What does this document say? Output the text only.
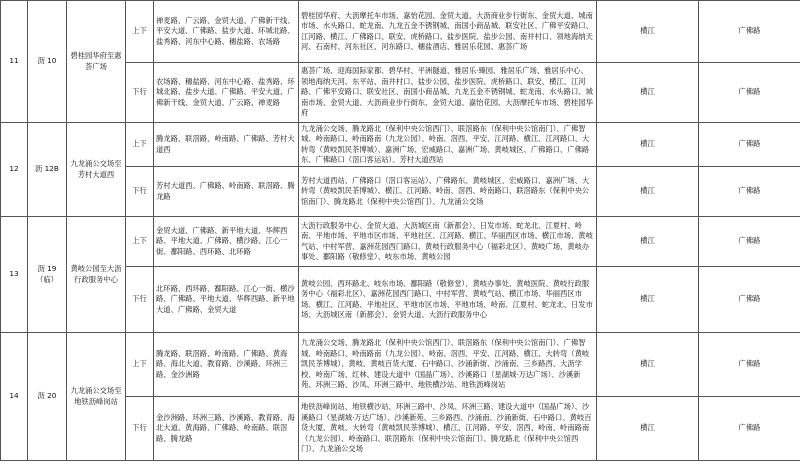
11	沥 10	碧桂园华府至惠荟广场	上下	禅麦路、广云路、金贸大道、广佛新干线、平安大道、广佛路、盐步大道、环城北路、盐秀路、河东中心路、穗盐路、农场路	碧桂园华府、大沥摩托车市场、嘉怡花园、金贸大道、大沥商业步行街东、金贸大道、城南市场、水头路口、蛇龙南、九龙五金不锈钢城、南国小商品城、联安社区、广佛平安路口、江河路、横江、广佛路口、联安、虎桥路口、盐步医院、盐步公园、南井村口、领地海纳天河、石南村、河东社区、河东路口、穗盐酒店、雅居乐花园、惠荟广场	横江	广佛路
			下行	农场路、穗盐路、河东中心路、盐秀路、环城北路、盐步大道、广佛路、平安大道、广佛新干线、金贸大道、广云路、禅麦路	惠荟广场、迎海国际家都、碧华村、平洲隧道、雅居乐·臻园、雅居乐广场、雅居乐中心、领地海纳天河、东平站、南井村口、盐步公园、盐步医院、虎桥路口、联安、横江、江河路、广佛平安路口、联安社区、南国小商品城、九龙五金不锈钢城、蛇龙南、水头路口、城南市场、金贸大道、大沥商业步行街东、金贸大道、嘉怡花园、大沥摩托车市场、碧桂园华府	横江	广佛路
12	沥 12B	九龙涌公交场至芳村大道西	上下	腾龙路、联滘路、岭南路、广佛路、芳村大道西	九龙涌公交场、腾龙路北（保利中央公馆西门）、联滘路东（保利中央公馆南门）、广佛智城、岭南路口、岭南路南（九龙公园）、岭南、滘西、平安、江河路、横江、江河路口、大转弯（黄岐凯民茶博城）、嘉洲广场、宏威路口、嘉洲广场、黄岐城区、广佛路口、广佛路东、广佛路口（滘口客运站）、芳村大道西站	横江	广佛路
			下行	芳村大道西、广佛路、岭南路、联滘路、腾龙路	芳村大道西站、广佛路口（滘口客运站）、广佛路东、黄岐城区、宏威路口、嘉洲广场、大转弯（黄岐凯民茶博城）、横江、江河路、岭南、滘西、岭南路口、联滘路东（保利中央公馆南门）、腾龙路北（保利中央公馆西门）、九龙涌公交场	横江	广佛路
13	沥 19（临）	黄岐公园至大沥行政服务中心	上下	金贸大道、广佛路、新平地大道、华辉西路、平地大道、广佛路、横沙路、江心一街、鄱阳路、西环路、北环路	大沥行政服务中心、金贸大道、大沥城区南（新都会）、日发市场、蛇龙北、江夏村、岭南、平地市场、平地市区市场、平地社区、江河路、横江、华丽西区市场、横江市场、黄岐气站、中村军营、嘉洲花园西门路口、黄岐行政服务中心（福彩北区）、黄岐广场、黄岐办事处、鄱阳路（敬修堂）、岐东市场、黄岐公园	横江	广佛路
			下行	北环路、西环路、鄱阳路、江心一街、横沙路、广佛路、平地大道、华辉西路、新平地大道、广佛路、金贸大道	黄岐公园、西环路北、岐东市场、鄱阳路（敬修堂）、黄岐办事处、黄岐医院、黄岐行政服务中心（福彩北区）、嘉洲花园西门路口、中村军营、黄岐气站、横江市场、华丽西区市场、横江、江河路、平地社区、平地市区市场、平地市场、岭南、江夏村、蛇龙北、日发市场、大沥城区南（新都会）、金贸大道、大沥行政服务中心	横江	广佛路
14	沥 20	九龙涌公交场至地铁沥峰岗站	上下	腾龙路、联滘路、岭南路、广佛路、黄海路、海北大道、教育路、沙溪路、环洲三路、金沙洲路	九龙涌公交场、腾龙路北（保利中央公馆西门）、联滘路东（保利中央公馆南门）、广佛智城、岭南路口、岭南路南（九龙公园）、岭南、滘西、平安、江河路、横江、大转弯（黄岐凯民茶博城）、黄岐、黄岐百货大厦、石中路口、沙涌新街、沙涌南、三乡路西、大沥学校、岭南广场、红林、建设大道中（国晶广场）、沙溪路口（星湖城·万达广场）、沙溪新苑、环洲三路、沙凤、环洲三路中、地铁横沙站、地铁沥峰岗站	横江	广佛路
			下行	金沙洲路、环洲三路、沙溪路、教育路、海北大道、黄海路、广佛路、岭南路、联滘路、腾龙路	地铁沥峰岗站、地铁横沙站、环洲三路中、沙凤、环洲三路、建设大道中（国晶广场）、沙溪路口（星湖城·万达广场）、沙溪新苑、三乡路西、沙涌南、沙涌新街、石中路口、黄岐百货大厦、黄岐、大转弯（黄岐凯民茶博城）、横江、江河路、平安、滘西、岭南、岭南路南（九龙公园）、岭南路口、联滘路东（保利中央公馆南门）、腾龙路北（保利中央公馆西门）、九龙涌公交场	横江	广佛路
